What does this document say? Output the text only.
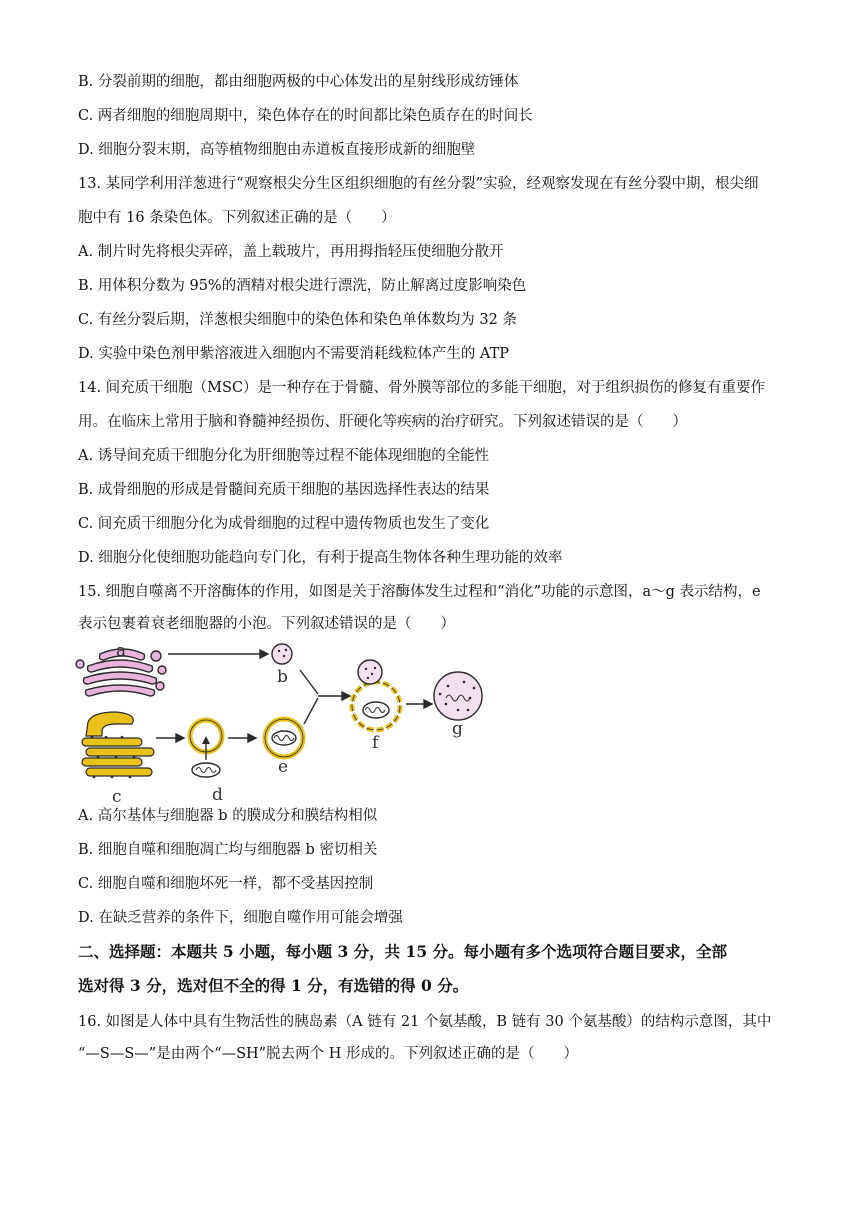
B. 分裂前期的细胞，都由细胞两极的中心体发出的星射线形成纺锤体
C. 两者细胞的细胞周期中，染色体存在的时间都比染色质存在的时间长
D. 细胞分裂末期，高等植物细胞由赤道板直接形成新的细胞壁
13. 某同学利用洋葱进行“观察根尖分生区组织细胞的有丝分裂”实验，经观察发现在有丝分裂中期，根尖细
胞中有 16 条染色体。下列叙述正确的是（　　）
A. 制片时先将根尖弄碎，盖上载玻片，再用拇指轻压使细胞分散开
B. 用体积分数为 95%的酒精对根尖进行漂洗，防止解离过度影响染色
C. 有丝分裂后期，洋葱根尖细胞中的染色体和染色单体数均为 32 条
D. 实验中染色剂甲紫溶液进入细胞内不需要消耗线粒体产生的 ATP
14. 间充质干细胞（MSC）是一种存在于骨髓、骨外膜等部位的多能干细胞，对于组织损伤的修复有重要作
用。在临床上常用于脑和脊髓神经损伤、肝硬化等疾病的治疗研究。下列叙述错误的是（　　）
A. 诱导间充质干细胞分化为肝细胞等过程不能体现细胞的全能性
B. 成骨细胞的形成是骨髓间充质干细胞的基因选择性表达的结果
C. 间充质干细胞分化为成骨细胞的过程中遗传物质也发生了变化
D. 细胞分化使细胞功能趋向专门化，有利于提高生物体各种生理功能的效率
15. 细胞自噬离不开溶酶体的作用，如图是关于溶酶体发生过程和“消化”功能的示意图，a～g 表示结构，e
表示包裹着衰老细胞器的小泡。下列叙述错误的是（　　）
a
b
c	d
e
f
g
A. 高尔基体与细胞器 b 的膜成分和膜结构相似
B. 细胞自噬和细胞凋亡均与细胞器 b 密切相关
C. 细胞自噬和细胞坏死一样，都不受基因控制
D. 在缺乏营养的条件下，细胞自噬作用可能会增强
二、选择题：本题共 5 小题，每小题 3 分，共 15 分。每小题有多个选项符合题目要求，全部
选对得 3 分，选对但不全的得 1 分，有选错的得 0 分。
16. 如图是人体中具有生物活性的胰岛素（A 链有 21 个氨基酸，B 链有 30 个氨基酸）的结构示意图，其中
“—S—S—”是由两个“—SH”脱去两个 H 形成的。下列叙述正确的是（　　）
